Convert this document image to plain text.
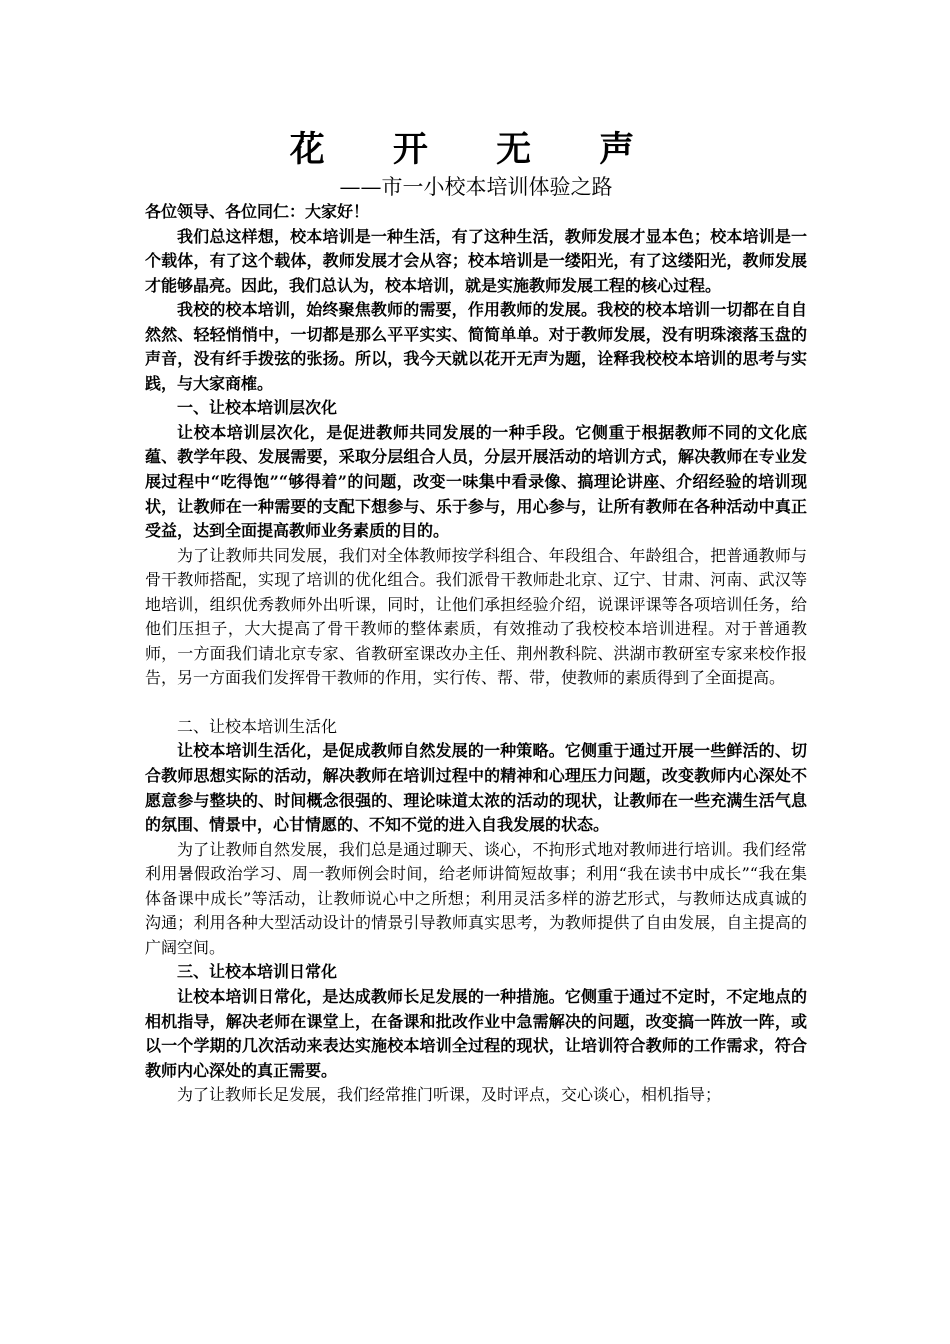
花 开 无 声
——市一小校本培训体验之路

各位领导、各位同仁：大家好！

我们总这样想，校本培训是一种生活，有了这种生活，教师发展才显本色；校本培训是一个载体，有了这个载体，教师发展才会从容；校本培训是一缕阳光，有了这缕阳光，教师发展才能够晶亮。因此，我们总认为，校本培训，就是实施教师发展工程的核心过程。

我校的校本培训，始终聚焦教师的需要，作用教师的发展。我校的校本培训一切都在自自然然、轻轻悄悄中，一切都是那么平平实实、简简单单。对于教师发展，没有明珠滚落玉盘的声音，没有纤手拨弦的张扬。所以，我今天就以花开无声为题，诠释我校校本培训的思考与实践，与大家商榷。

一、让校本培训层次化

让校本培训层次化，是促进教师共同发展的一种手段。它侧重于根据教师不同的文化底蕴、教学年段、发展需要，采取分层组合人员，分层开展活动的培训方式，解决教师在专业发展过程中“吃得饱”“够得着”的问题，改变一味集中看录像、搞理论讲座、介绍经验的培训现状，让教师在一种需要的支配下想参与、乐于参与，用心参与，让所有教师在各种活动中真正受益，达到全面提高教师业务素质的目的。

为了让教师共同发展，我们对全体教师按学科组合、年段组合、年龄组合，把普通教师与骨干教师搭配，实现了培训的优化组合。我们派骨干教师赴北京、辽宁、甘肃、河南、武汉等地培训，组织优秀教师外出听课，同时，让他们承担经验介绍，说课评课等各项培训任务，给他们压担子，大大提高了骨干教师的整体素质，有效推动了我校校本培训进程。对于普通教师，一方面我们请北京专家、省教研室课改办主任、荆州教科院、洪湖市教研室专家来校作报告，另一方面我们发挥骨干教师的作用，实行传、帮、带，使教师的素质得到了全面提高。

二、让校本培训生活化

让校本培训生活化，是促成教师自然发展的一种策略。它侧重于通过开展一些鲜活的、切合教师思想实际的活动，解决教师在培训过程中的精神和心理压力问题，改变教师内心深处不愿意参与整块的、时间概念很强的、理论味道太浓的活动的现状，让教师在一些充满生活气息的氛围、情景中，心甘情愿的、不知不觉的进入自我发展的状态。

为了让教师自然发展，我们总是通过聊天、谈心，不拘形式地对教师进行培训。我们经常利用暑假政治学习、周一教师例会时间，给老师讲简短故事；利用“我在读书中成长”“我在集体备课中成长”等活动，让教师说心中之所想；利用灵活多样的游艺形式，与教师达成真诚的沟通；利用各种大型活动设计的情景引导教师真实思考，为教师提供了自由发展，自主提高的广阔空间。

三、让校本培训日常化

让校本培训日常化，是达成教师长足发展的一种措施。它侧重于通过不定时，不定地点的相机指导，解决老师在课堂上，在备课和批改作业中急需解决的问题，改变搞一阵放一阵，或以一个学期的几次活动来表达实施校本培训全过程的现状，让培训符合教师的工作需求，符合教师内心深处的真正需要。

为了让教师长足发展，我们经常推门听课，及时评点，交心谈心，相机指导；
